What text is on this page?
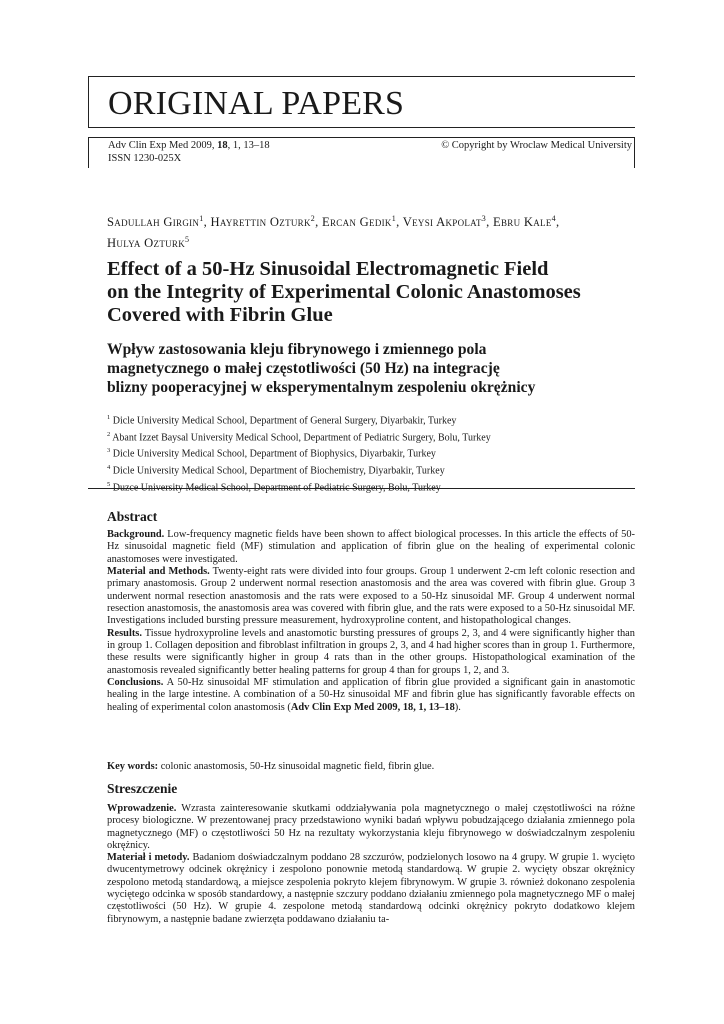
ORIGINAL PAPERS
Adv Clin Exp Med 2009, 18, 1, 13–18
ISSN 1230-025X
© Copyright by Wroclaw Medical University
Sadullah Girgin$^1$, Hayrettin Ozturk$^2$, Ercan Gedik$^1$, Veysi Akpolat$^3$, Ebru Kale$^4$,
Hulya Ozturk$^5$
Effect of a 50-Hz Sinusoidal Electromagnetic Field
on the Integrity of Experimental Colonic Anastomoses
Covered with Fibrin Glue
Wpływ zastosowania kleju fibrynowego i zmiennego pola
magnetycznego o małej częstotliwości (50 Hz) na integrację
blizny pooperacyjnej w eksperymentalnym zespoleniu okrężnicy
$^1$ Dicle University Medical School, Department of General Surgery, Diyarbakir, Turkey
$^2$ Abant Izzet Baysal University Medical School, Department of Pediatric Surgery, Bolu, Turkey
$^3$ Dicle University Medical School, Department of Biophysics, Diyarbakir, Turkey
$^4$ Dicle University Medical School, Department of Biochemistry, Diyarbakir, Turkey
$^5$ Duzce University Medical School, Department of Pediatric Surgery, Bolu, Turkey
Abstract

Background. Low-frequency magnetic fields have been shown to affect biological processes. In this article the effects of 50-Hz sinusoidal magnetic field (MF) stimulation and application of fibrin glue on the healing of experimental colonic anastomoses were investigated.

Material and Methods. Twenty-eight rats were divided into four groups. Group 1 underwent 2-cm left colonic resection and primary anastomosis. Group 2 underwent normal resection anastomosis and the area was covered with fibrin glue. Group 3 underwent normal resection anastomosis and the rats were exposed to a 50-Hz sinusoidal MF. Group 4 underwent normal resection anastomosis, the anastomosis area was covered with fibrin glue, and the rats were exposed to a 50-Hz sinusoidal MF. Investigations included bursting pressure measurement, hydroxyproline content, and histopathological changes.

Results. Tissue hydroxyproline levels and anastomotic bursting pressures of groups 2, 3, and 4 were significantly higher than in group 1. Collagen deposition and fibroblast infiltration in groups 2, 3, and 4 had higher scores than in group 1. Furthermore, these results were significantly higher in group 4 rats than in the other groups. Histopathological examination of the anastomosis revealed significantly better healing patterns for group 4 than for groups 1, 2, and 3.

Conclusions. A 50-Hz sinusoidal MF stimulation and application of fibrin glue provided a significant gain in anastomotic healing in the large intestine. A combination of a 50-Hz sinusoidal MF and fibrin glue has significantly favorable effects on healing of experimental colon anastomosis (Adv Clin Exp Med 2009, 18, 1, 13–18).

Key words: colonic anastomosis, 50-Hz sinusoidal magnetic field, fibrin glue.
Streszczenie

Wprowadzenie. Wzrasta zainteresowanie skutkami oddziaływania pola magnetycznego o małej częstotliwości na różne procesy biologiczne. W prezentowanej pracy przedstawiono wyniki badań wpływu pobudzającego działania zmiennego pola magnetycznego (MF) o częstotliwości 50 Hz na rezultaty wykorzystania kleju fibrynowego w doświadczalnym zespoleniu okrężnicy.

Materiał i metody. Badaniom doświadczalnym poddano 28 szczurów, podzielonych losowo na 4 grupy. W grupie 1. wycięto dwucentymetrowy odcinek okrężnicy i zespolono ponownie metodą standardową. W grupie 2. wycięty obszar okrężnicy zespolono metodą standardową, a miejsce zespolenia pokryto klejem fibrynowym. W grupie 3. również dokonano zespolenia wyciętego odcinka w sposób standardowy, a następnie szczury poddano działaniu zmiennego pola magnetycznego MF o małej częstotliwości (50 Hz). W grupie 4. zespolone metodą standardową odcinki okrężnicy pokryto dodatkowo klejem fibrynowym, a następnie badane zwierzęta poddawano działaniu ta-
